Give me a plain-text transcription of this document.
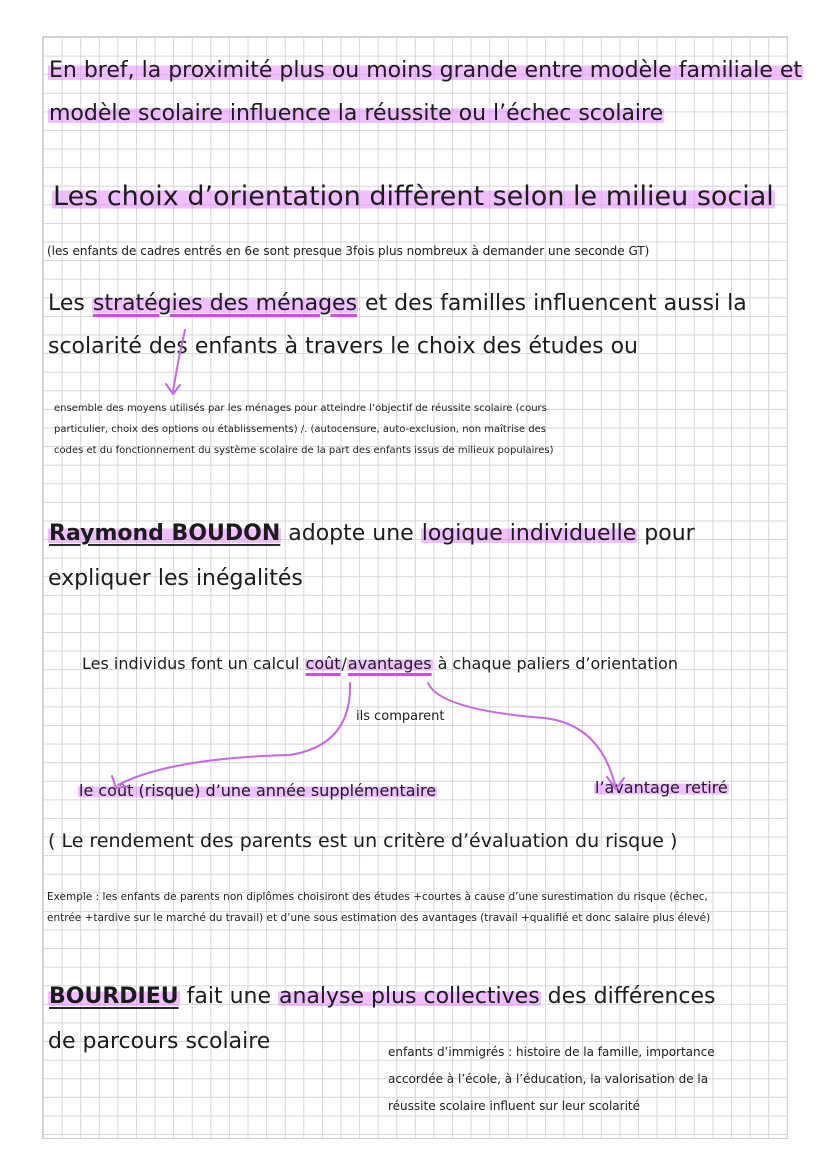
En bref, la proximité plus ou moins grande entre modèle familiale et
modèle scolaire influence la réussite ou l’échec scolaire
Les choix d’orientation diffèrent selon le milieu social
(les enfants de cadres entrés en 6e sont presque 3fois plus nombreux à demander une seconde GT)
Les stratégies des ménages et des familles influencent aussi la
scolarité des enfants à travers le choix des études ou
ensemble des moyens utilisés par les ménages pour atteindre l’objectif de réussite scolaire (cours
particulier, choix des options ou établissements) /. (autocensure, auto-exclusion, non maîtrise des
codes et du fonctionnement du système scolaire de la part des enfants issus de milieux populaires)
Raymond BOUDON adopte une logique individuelle pour
expliquer les inégalités
Les individus font un calcul coût/avantages à chaque paliers d’orientation
ils comparent
le coût (risque) d’une année supplémentaire	l’avantage retiré
( Le rendement des parents est un critère d’évaluation du risque )
Exemple : les enfants de parents non diplômes choisiront des études +courtes à cause d’une surestimation du risque (échec,
entrée +tardive sur le marché du travail) et d’une sous estimation des avantages (travail +qualifié et donc salaire plus élevé)
BOURDIEU fait une analyse plus collectives des différences
de parcours scolaire	enfants d’immigrés : histoire de la famille, importance
accordée à l’école, à l’éducation, la valorisation de la
réussite scolaire influent sur leur scolarité
